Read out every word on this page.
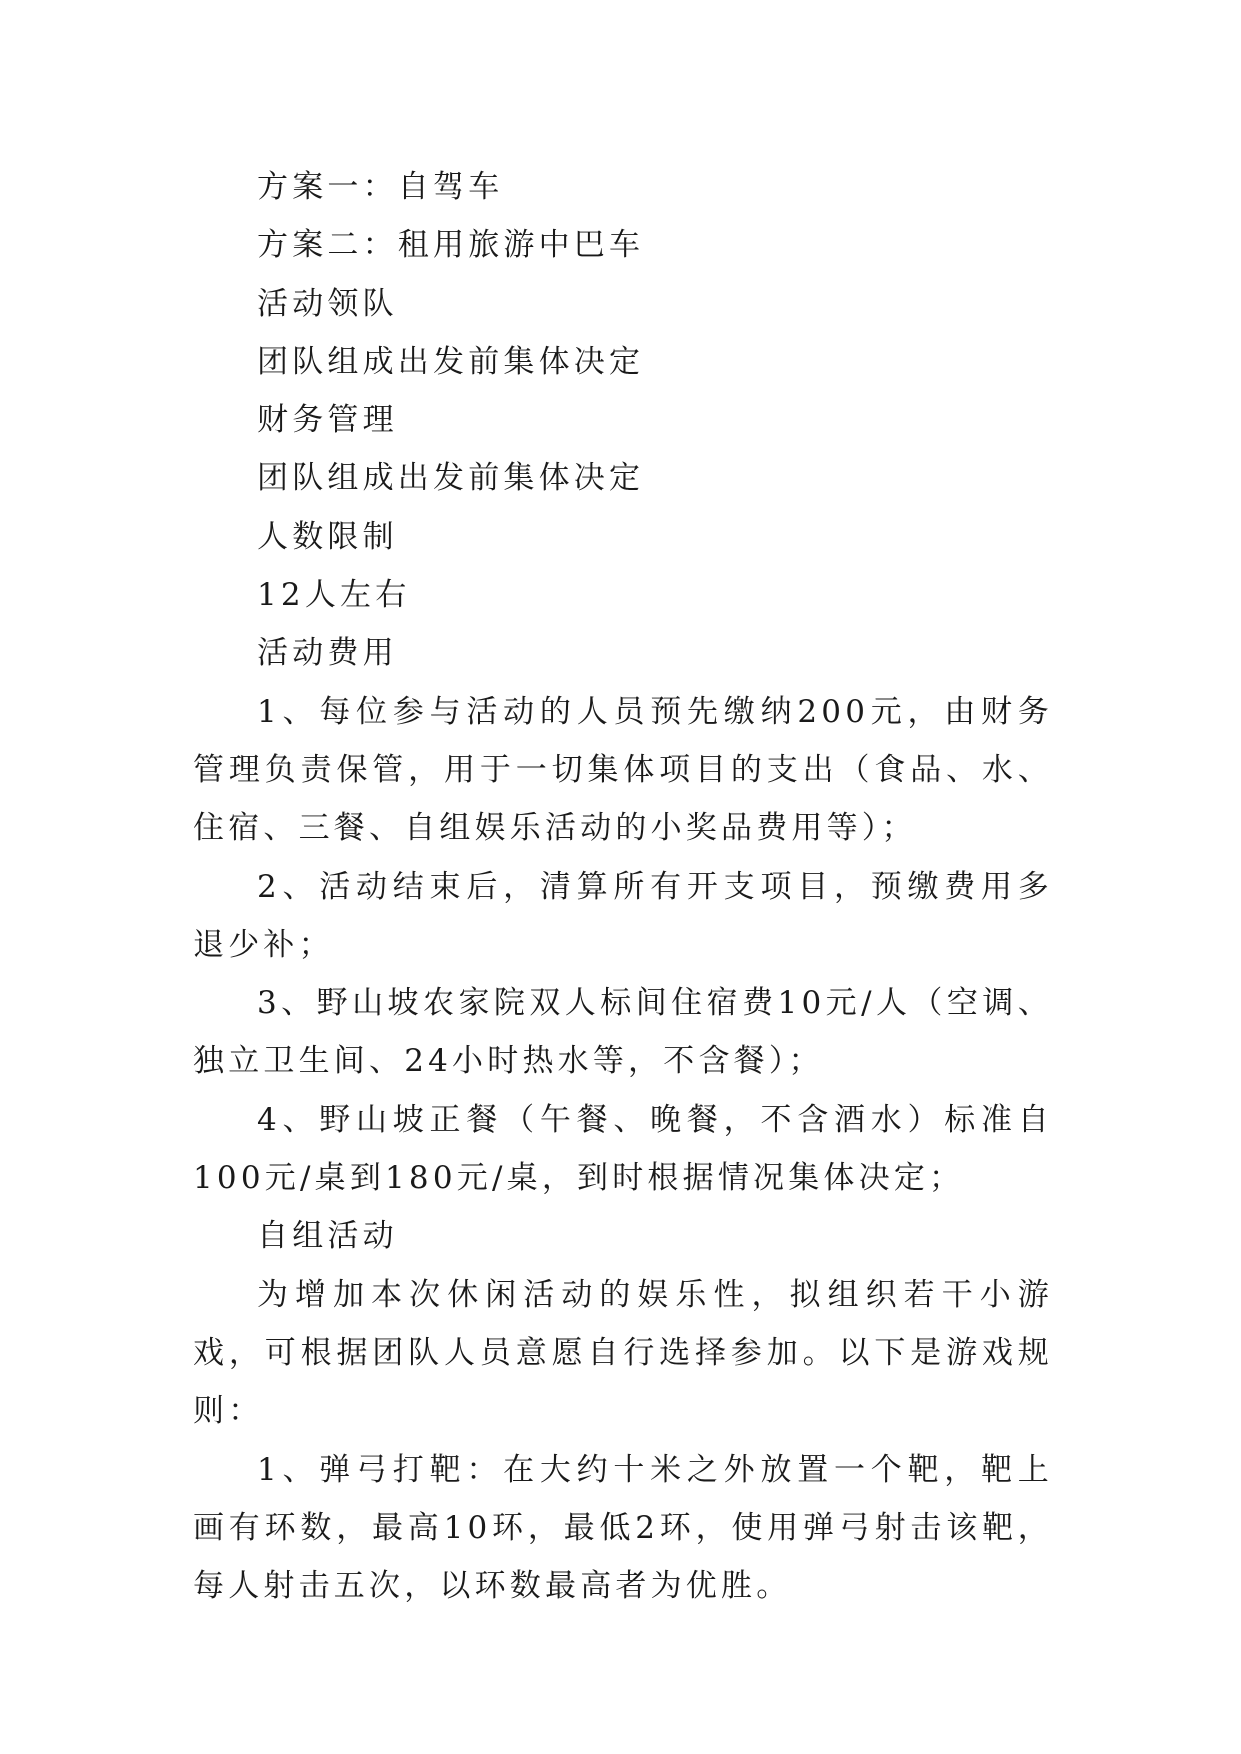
方案一：自驾车

方案二：租用旅游中巴车

活动领队

团队组成出发前集体决定

财务管理

团队组成出发前集体决定

人数限制

12人左右

活动费用

1、每位参与活动的人员预先缴纳200元，由财务管理负责保管，用于一切集体项目的支出（食品、水、住宿、三餐、自组娱乐活动的小奖品费用等）；

2、活动结束后，清算所有开支项目，预缴费用多退少补；

3、野山坡农家院双人标间住宿费10元/人（空调、独立卫生间、24小时热水等，不含餐）；

4、野山坡正餐（午餐、晚餐，不含酒水）标准自100元/桌到180元/桌，到时根据情况集体决定；

自组活动

为增加本次休闲活动的娱乐性，拟组织若干小游戏，可根据团队人员意愿自行选择参加。以下是游戏规则：

1、弹弓打靶：在大约十米之外放置一个靶，靶上画有环数，最高10环，最低2环，使用弹弓射击该靶，每人射击五次，以环数最高者为优胜。
